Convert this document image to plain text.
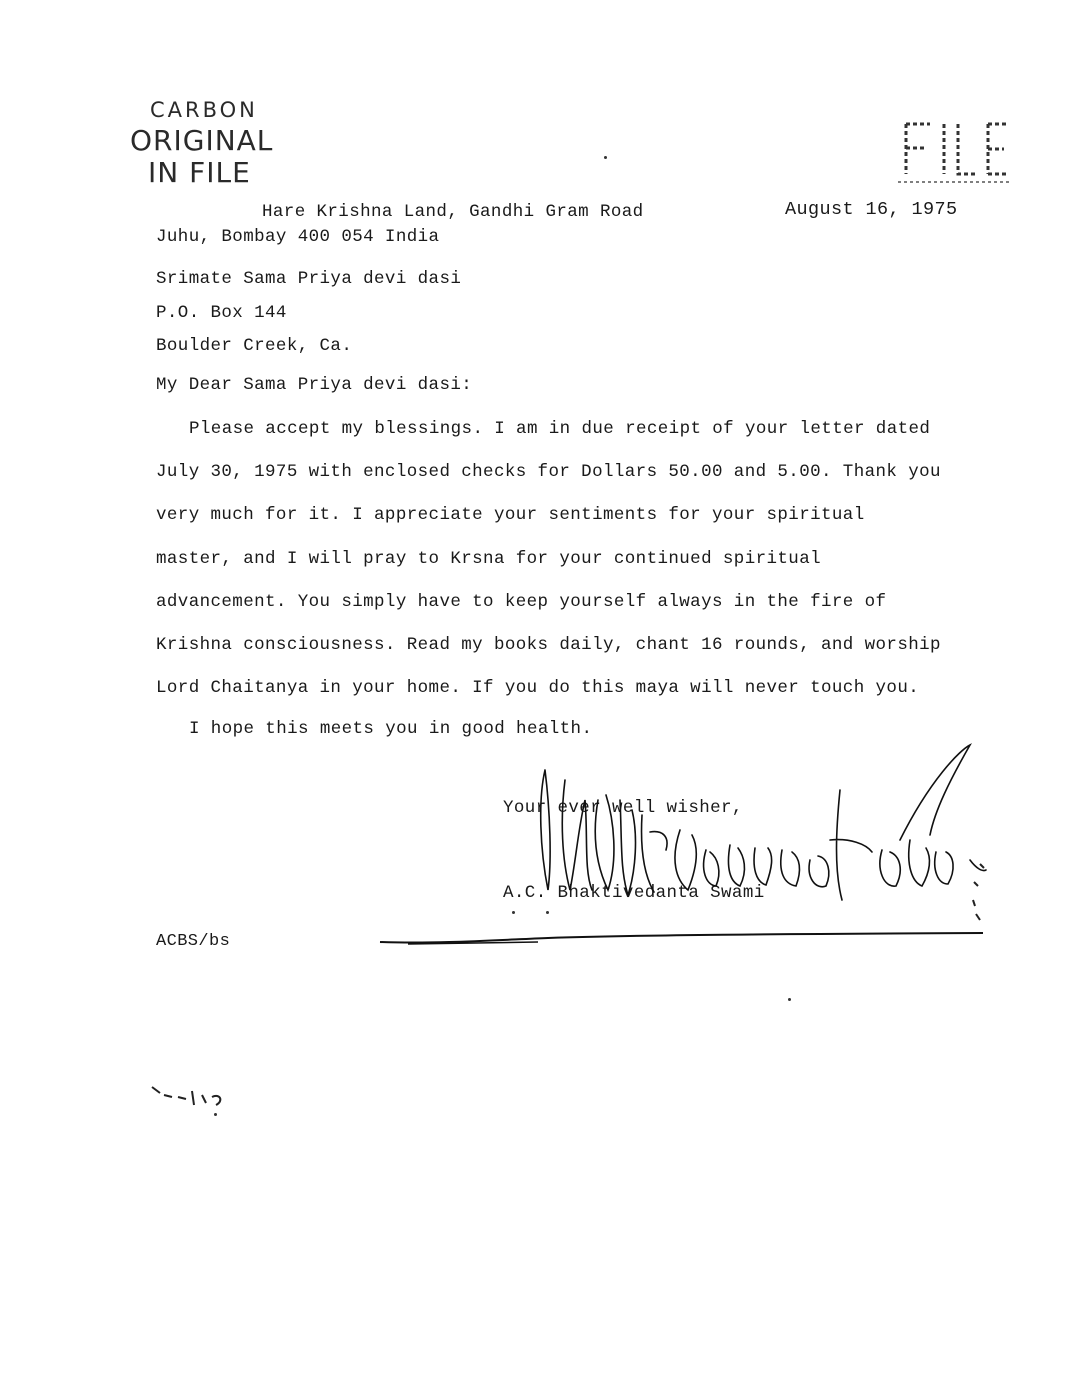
CARBON
ORIGINAL
IN FILE
Hare Krishna Land, Gandhi Gram Road
Juhu, Bombay 400 054 India
August 16, 1975
Srimate Sama Priya devi dasi
P.O. Box 144
Boulder Creek, Ca.
My Dear Sama Priya devi dasi:

Please accept my blessings. I am in due receipt of your letter dated July 30, 1975 with enclosed checks for Dollars 50.00 and 5.00. Thank you very much for it. I appreciate your sentiments for your spiritual master, and I will pray to Krsna for your continued spiritual advancement. You simply have to keep yourself always in the fire of Krishna consciousness. Read my books daily, chant 16 rounds, and worship Lord Chaitanya in your home. If you do this maya will never touch you.

I hope this meets you in good health.

Your ever well wisher,
A.C. Bhaktivedanta Swami
ACBS/bs
